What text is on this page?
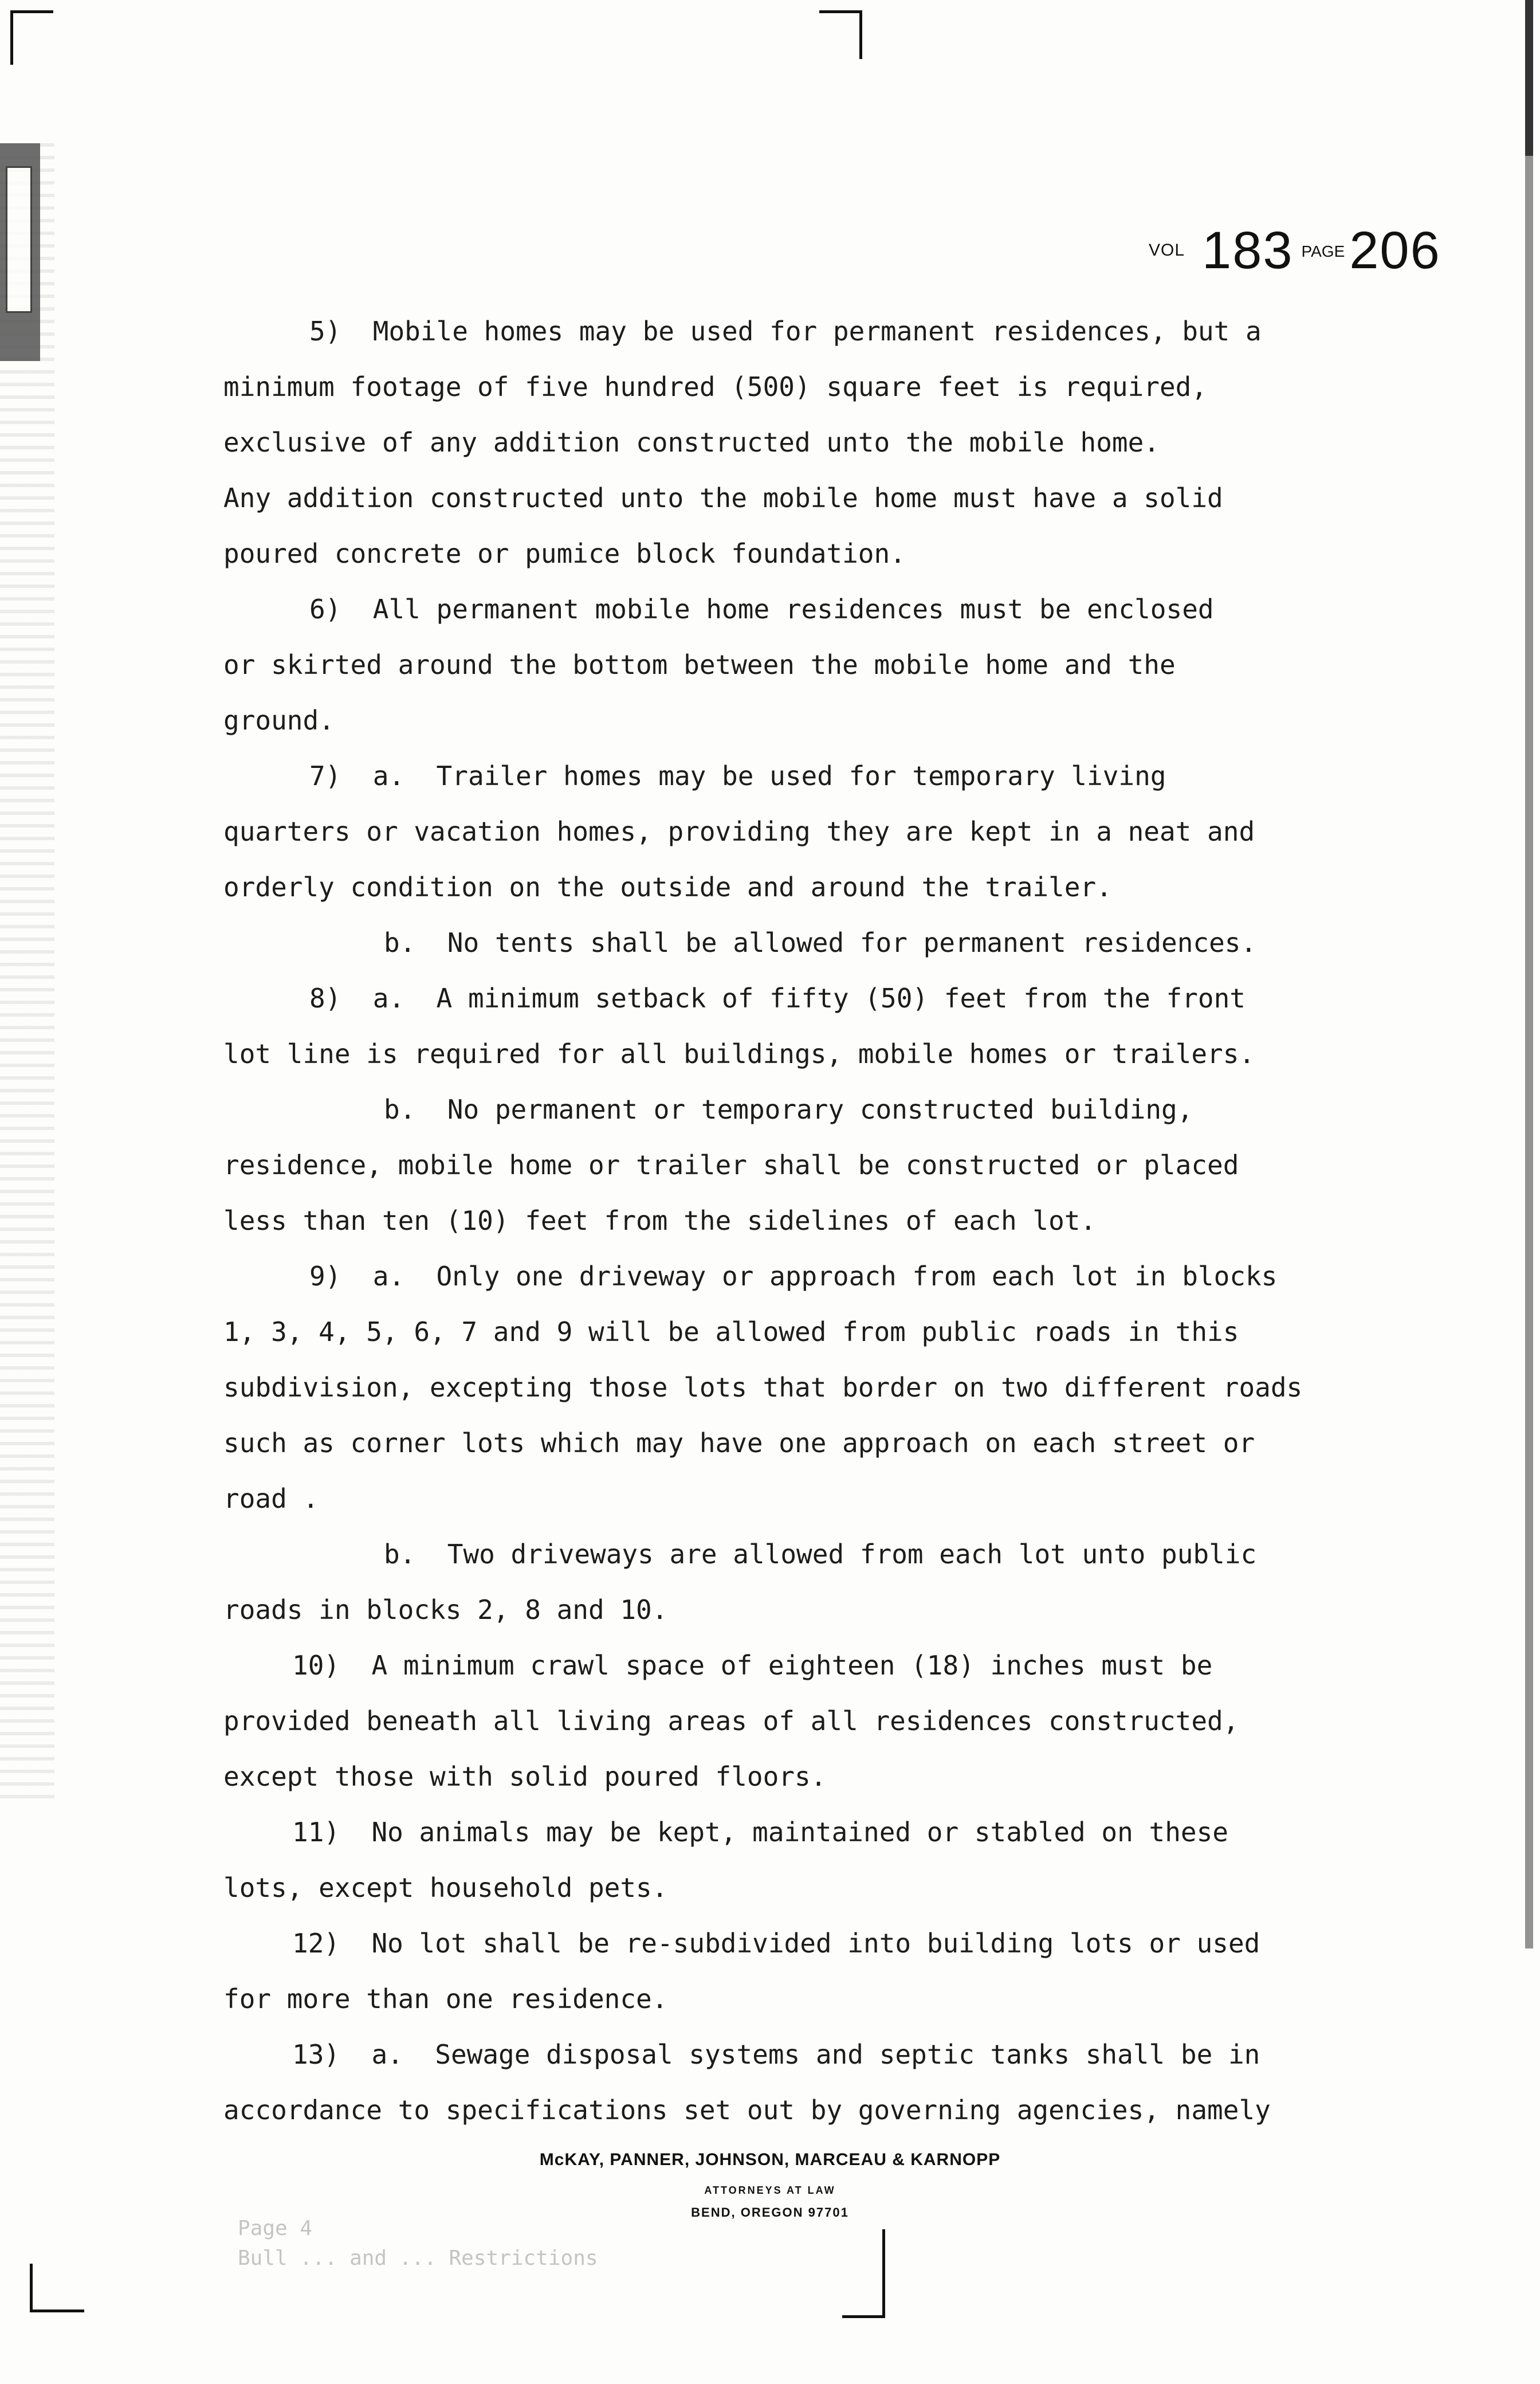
VOL 183 PAGE 206
5)  Mobile homes may be used for permanent residences, but a
minimum footage of five hundred (500) square feet is required,
exclusive of any addition constructed unto the mobile home.
Any addition constructed unto the mobile home must have a solid
poured concrete or pumice block foundation.
6)  All permanent mobile home residences must be enclosed
or skirted around the bottom between the mobile home and the
ground.
7)  a.  Trailer homes may be used for temporary living
quarters or vacation homes, providing they are kept in a neat and
orderly condition on the outside and around the trailer.
b.  No tents shall be allowed for permanent residences.
8)  a.  A minimum setback of fifty (50) feet from the front
lot line is required for all buildings, mobile homes or trailers.
b.  No permanent or temporary constructed building,
residence, mobile home or trailer shall be constructed or placed
less than ten (10) feet from the sidelines of each lot.
9)  a.  Only one driveway or approach from each lot in blocks
1, 3, 4, 5, 6, 7 and 9 will be allowed from public roads in this
subdivision, excepting those lots that border on two different roads
such as corner lots which may have one approach on each street or
road .
b.  Two driveways are allowed from each lot unto public
roads in blocks 2, 8 and 10.
10)  A minimum crawl space of eighteen (18) inches must be
provided beneath all living areas of all residences constructed,
except those with solid poured floors.
11)  No animals may be kept, maintained or stabled on these
lots, except household pets.
12)  No lot shall be re-subdivided into building lots or used
for more than one residence.
13)  a.  Sewage disposal systems and septic tanks shall be in
accordance to specifications set out by governing agencies, namely
McKAY, PANNER, JOHNSON, MARCEAU & KARNOPP
ATTORNEYS AT LAW
BEND, OREGON 97701
Page 4
Bull ... and ... Restrictions
